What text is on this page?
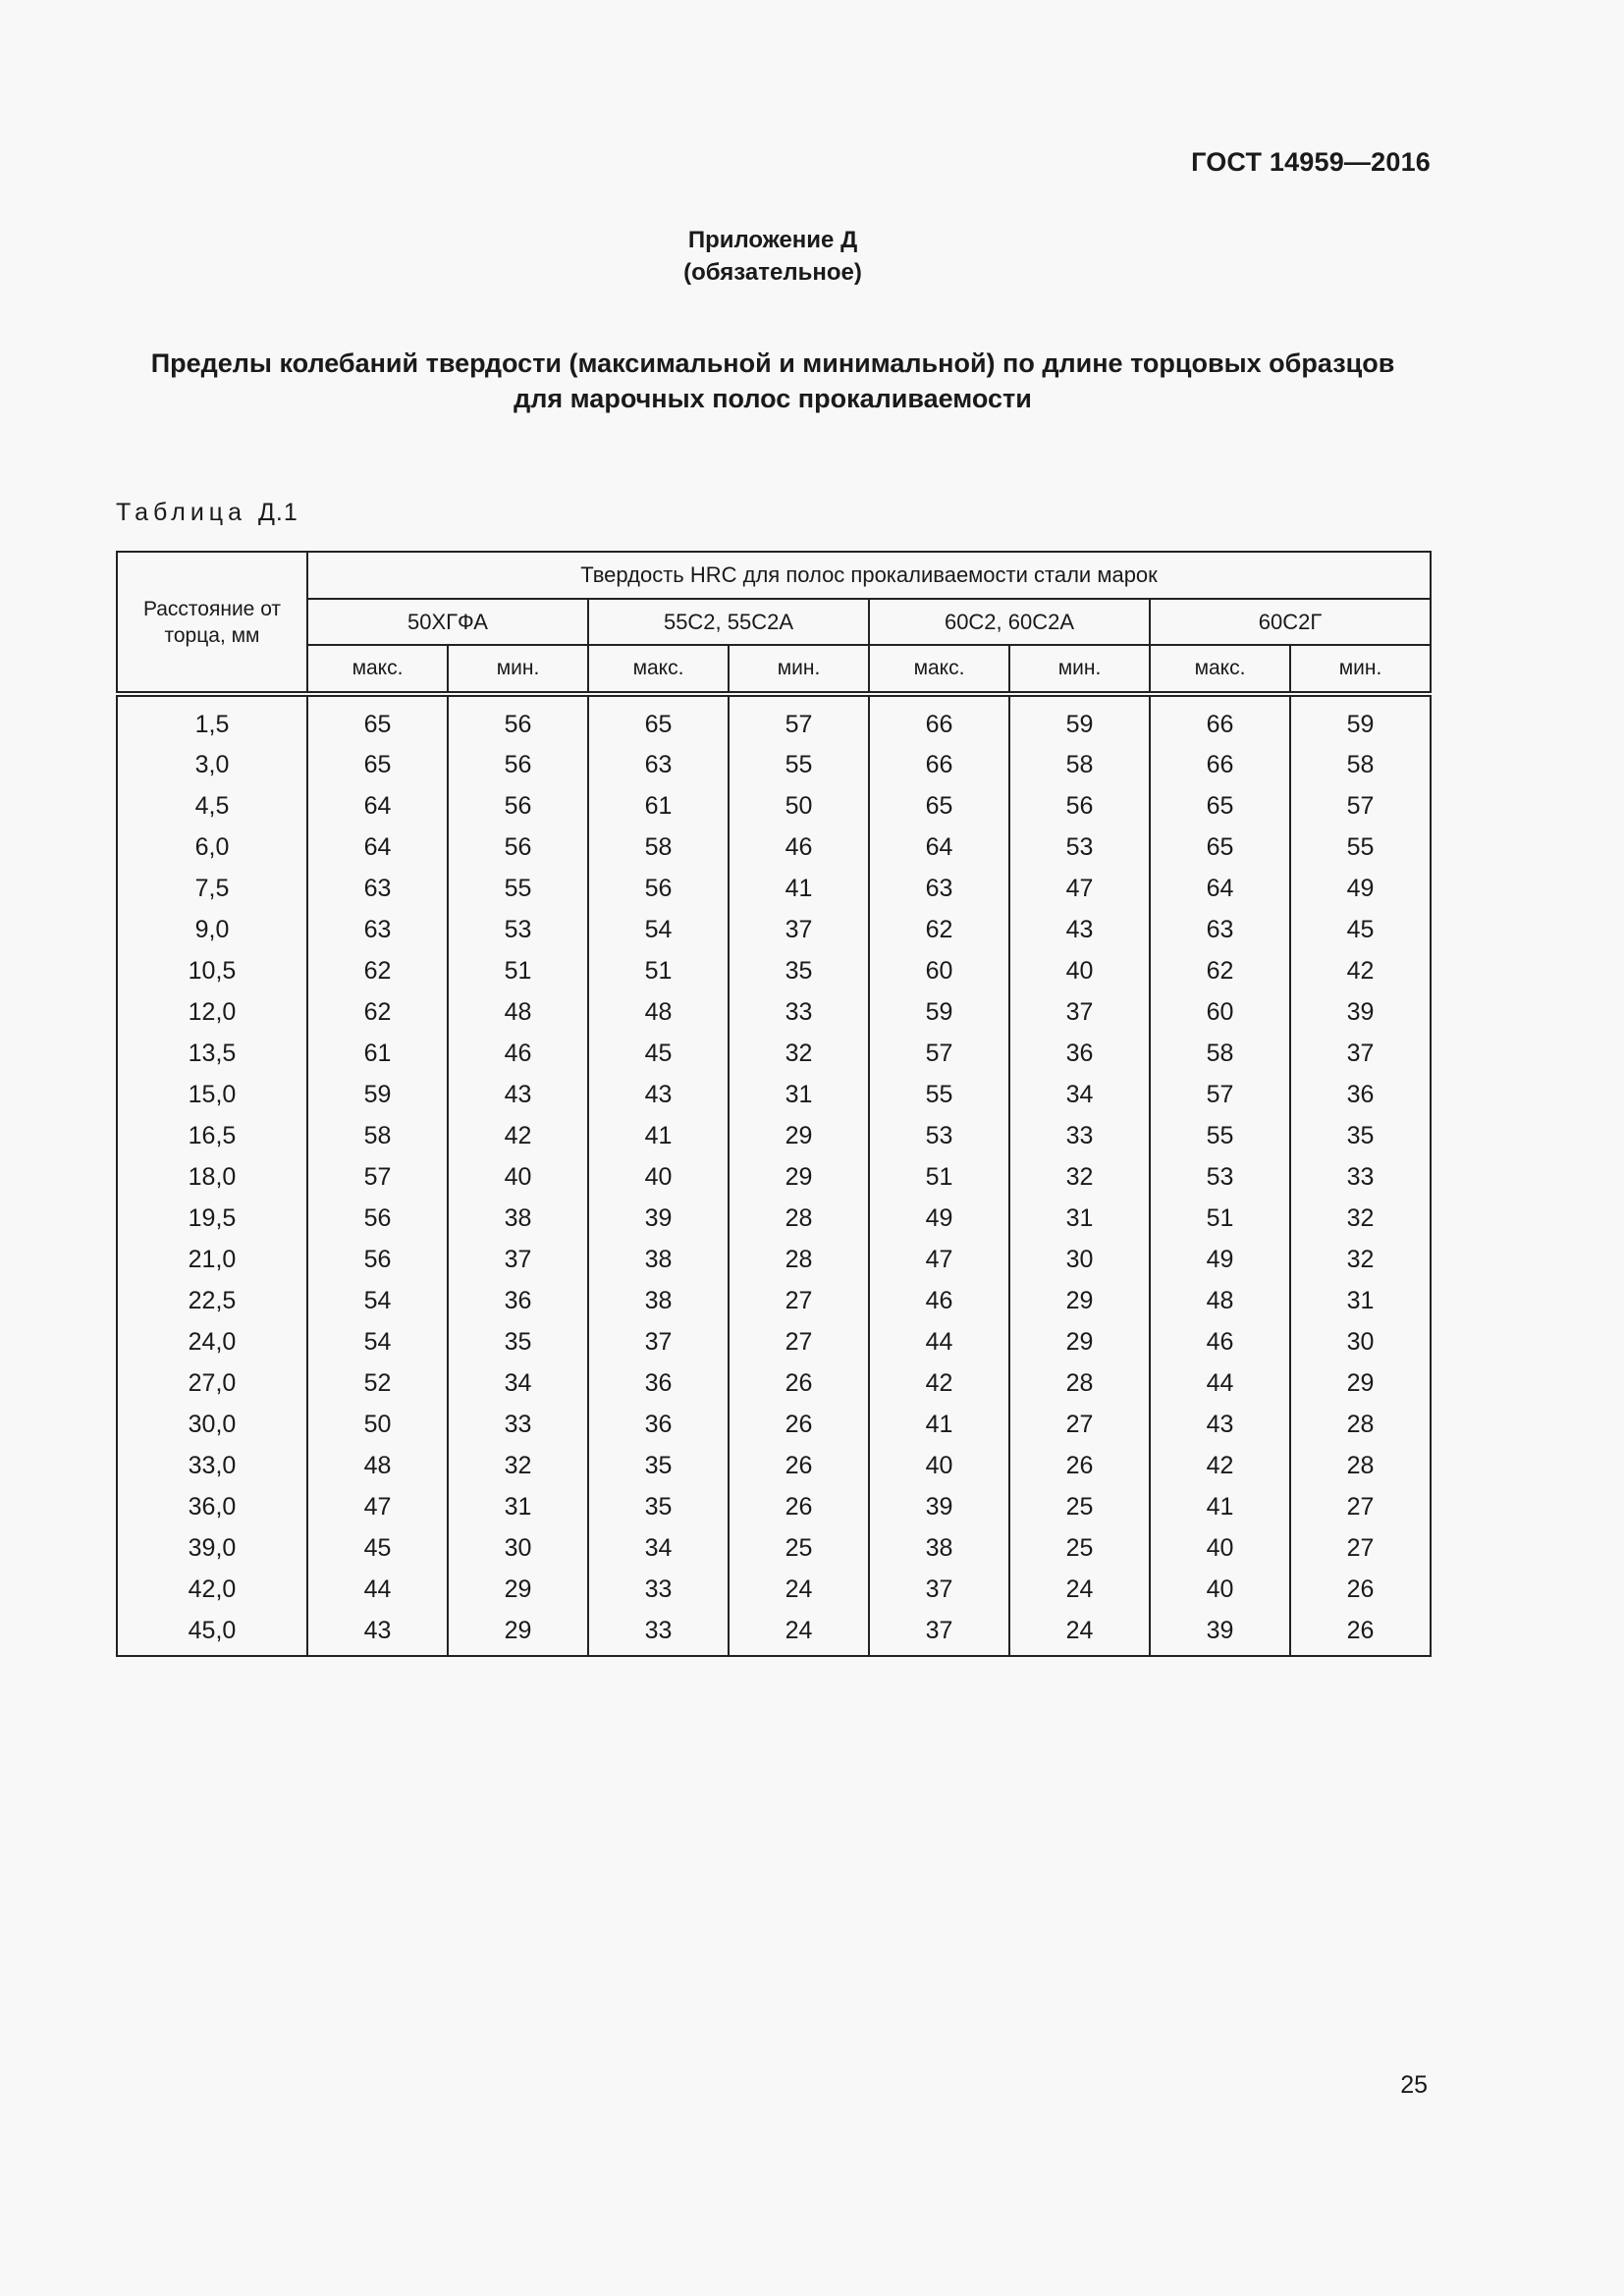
ГОСТ 14959—2016
Приложение Д
(обязательное)
Пределы колебаний твердости (максимальной и минимальной) по длине торцовых образцов
для марочных полос прокаливаемости
Таблица Д.1
Расстояние от торца, мм	Твердость HRC для полос прокаливаемости стали марок							
	50ХГФА		55С2, 55С2А		60С2, 60С2А		60С2Г	
	макс.	мин.	макс.	мин.	макс.	мин.	макс.	мин.
1,5	65	56	65	57	66	59	66	59
3,0	65	56	63	55	66	58	66	58
4,5	64	56	61	50	65	56	65	57
6,0	64	56	58	46	64	53	65	55
7,5	63	55	56	41	63	47	64	49
9,0	63	53	54	37	62	43	63	45
10,5	62	51	51	35	60	40	62	42
12,0	62	48	48	33	59	37	60	39
13,5	61	46	45	32	57	36	58	37
15,0	59	43	43	31	55	34	57	36
16,5	58	42	41	29	53	33	55	35
18,0	57	40	40	29	51	32	53	33
19,5	56	38	39	28	49	31	51	32
21,0	56	37	38	28	47	30	49	32
22,5	54	36	38	27	46	29	48	31
24,0	54	35	37	27	44	29	46	30
27,0	52	34	36	26	42	28	44	29
30,0	50	33	36	26	41	27	43	28
33,0	48	32	35	26	40	26	42	28
36,0	47	31	35	26	39	25	41	27
39,0	45	30	34	25	38	25	40	27
42,0	44	29	33	24	37	24	40	26
45,0	43	29	33	24	37	24	39	26
25
